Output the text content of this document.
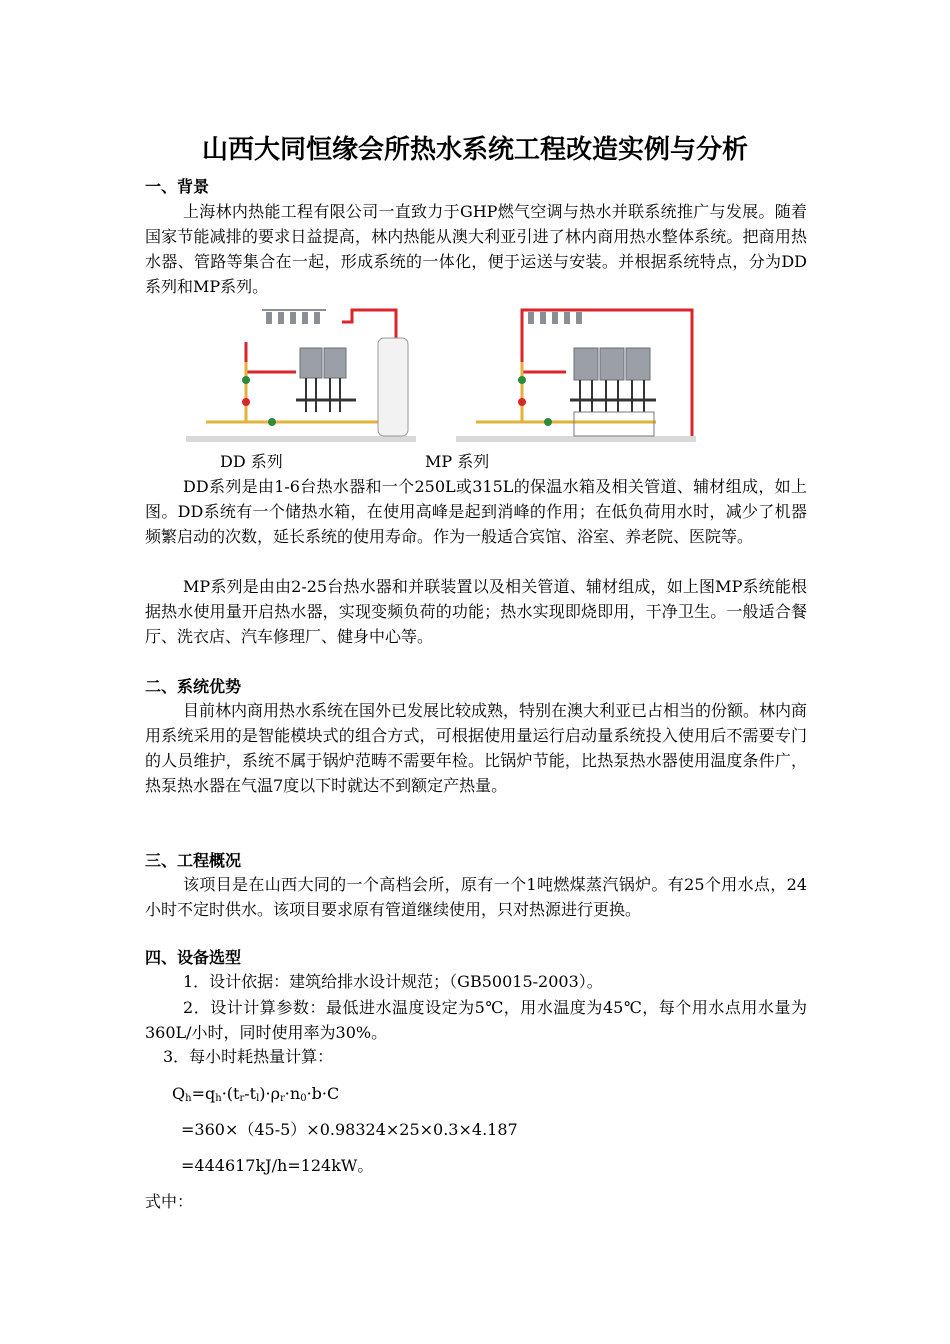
山西大同恒缘会所热水系统工程改造实例与分析
一、背景

上海林内热能工程有限公司一直致力于GHP燃气空调与热水并联系统推广与发展。随着国家节能减排的要求日益提高，林内热能从澳大利亚引进了林内商用热水整体系统。把商用热水器、管路等集合在一起，形成系统的一体化，便于运送与安装。并根据系统特点，分为DD系列和MP系列。

DD 系列	MP 系列

DD系列是由1-6台热水器和一个250L或315L的保温水箱及相关管道、辅材组成，如上图。DD系统有一个储热水箱，在使用高峰是起到消峰的作用；在低负荷用水时，减少了机器频繁启动的次数，延长系统的使用寿命。作为一般适合宾馆、浴室、养老院、医院等。

MP系列是由由2-25台热水器和并联装置以及相关管道、辅材组成，如上图MP系统能根据热水使用量开启热水器，实现变频负荷的功能；热水实现即烧即用，干净卫生。一般适合餐厅、洗衣店、汽车修理厂、健身中心等。

二、系统优势

目前林内商用热水系统在国外已发展比较成熟，特别在澳大利亚已占相当的份额。林内商用系统采用的是智能模块式的组合方式，可根据使用量运行启动量系统投入使用后不需要专门的人员维护，系统不属于锅炉范畴不需要年检。比锅炉节能，比热泵热水器使用温度条件广，热泵热水器在气温7度以下时就达不到额定产热量。

三、工程概况

该项目是在山西大同的一个高档会所，原有一个1吨燃煤蒸汽锅炉。有25个用水点，24小时不定时供水。该项目要求原有管道继续使用，只对热源进行更换。

四、设备选型

1．设计依据：建筑给排水设计规范；（GB50015-2003）。

2．设计计算参数：最低进水温度设定为5℃，用水温度为45℃，每个用水点用水量为360L/小时，同时使用率为30%。

3．每小时耗热量计算：
$Q_h=q_h\cdot(t_r-t_l)\cdot\rho_r\cdot n_0\cdot b\cdot C$
=360×（45-5）×0.98324×25×0.3×4.187
=444617kJ/h=124kW。
式中：
